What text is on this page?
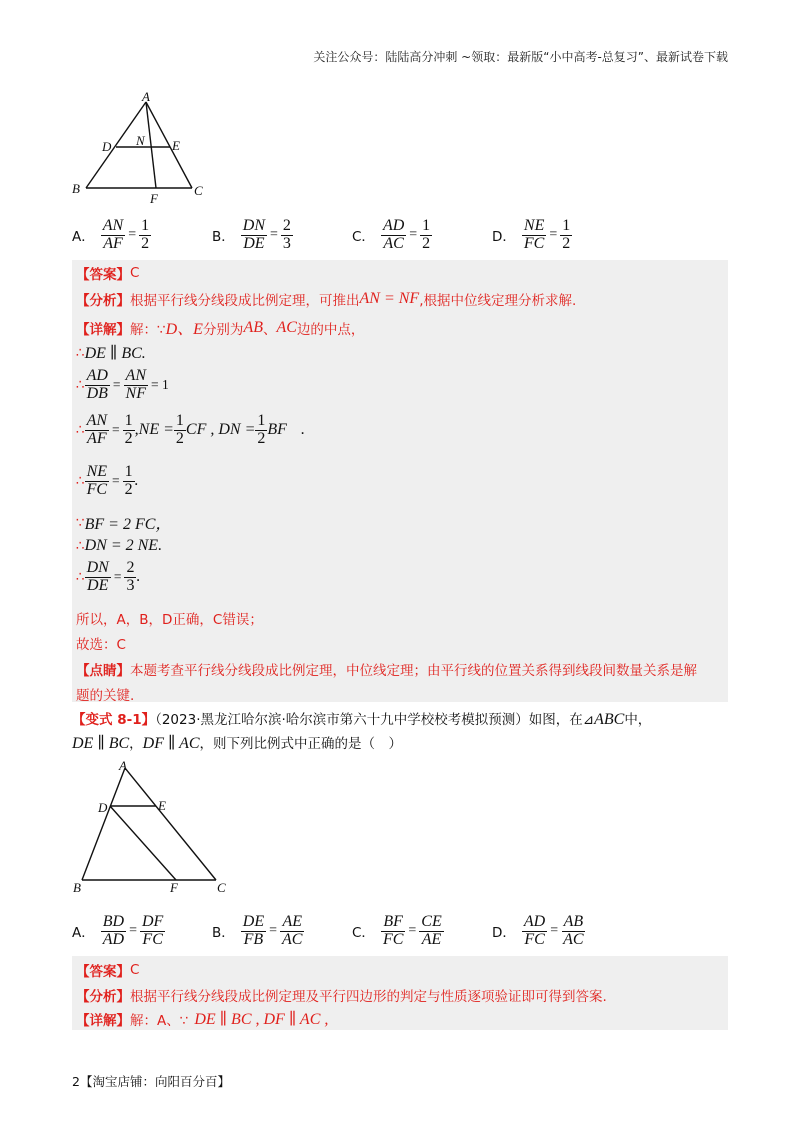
关注公众号：陆陆高分冲刺 ~领取：最新版“小中高考-总复习”、最新试卷下载
A
D N E
B
F
C
A． $\frac{AN}{AF} = \frac{1}{2}$	B． $\frac{DN}{DE} = \frac{2}{3}$	C． $\frac{AD}{AC} = \frac{1}{2}$	D． $\frac{NE}{FC} = \frac{1}{2}$
【答案】 C
【分析】 根据平行线分线段成比例定理，可推出 AN = NF ,根据中位线定理分析求解.
【详解】 解：∵ D、E 分别为 AB 、 AC 边的中点，
∴ DE ∥ BC.
∴ $\frac{AD}{DB} = \frac{AN}{NF} = 1$
∴ $\frac{AN}{AF} = \frac{1}{2} ,NE = \frac{1}{2}$ CF , DN = $\frac{1}{2}$ BF .
∴ $\frac{NE}{FC} = \frac{1}{2}$ .
∵ BF = 2 FC，
∴ DN = 2 NE.
∴ $\frac{DN}{DE} = \frac{2}{3}$ .
所以，A，B，D正确，C错误；
故选：C
【点睛】 本题考查平行线分线段成比例定理，中位线定理；由平行线的位置关系得到线段间数量关系是解
题的关键.
【变式 8-1】（2023·黑龙江哈尔滨·哈尔滨市第六十九中学校校考模拟预测）如图，在⊿ABC中，
DE ∥ BC，DF ∥ AC，则下列比例式中正确的是（　）
A
D	E
B	F	C
A． $\frac{BD}{AD} = \frac{DF}{FC}$	B． $\frac{DE}{FB} = \frac{AE}{AC}$	C． $\frac{BF}{FC} = \frac{CE}{AE}$	D． $\frac{AD}{FC} = \frac{AB}{AC}$
【答案】 C
【分析】 根据平行线分线段成比例定理及平行四边形的判定与性质逐项验证即可得到答案.
【详解】 解：A、∵ DE ∥ BC , DF ∥ AC ,
2【淘宝店铺：向阳百分百】
